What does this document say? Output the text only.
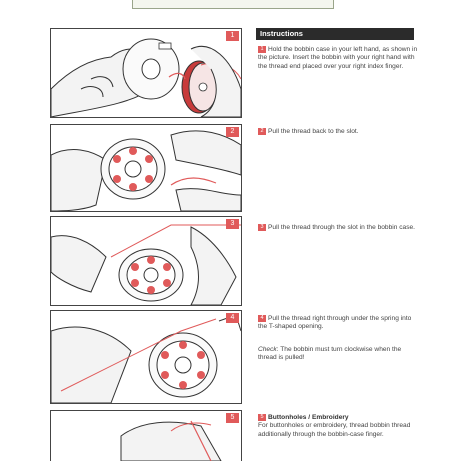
1
2
3
4
5
Instructions
1 Hold the bobbin case in your left hand, as shown in the picture. Insert the bobbin with your right hand with the thread end placed over your right index finger.
2 Pull the thread back to the slot.
3 Pull the thread through the slot in the bobbin case.
4 Pull the thread right through under the spring into the T-shaped opening.
Check: The bobbin must turn clockwise when the thread is pulled!
5 Buttonholes / Embroidery
For buttonholes or embroidery, thread bobbin thread additionally through the bobbin-case finger.
